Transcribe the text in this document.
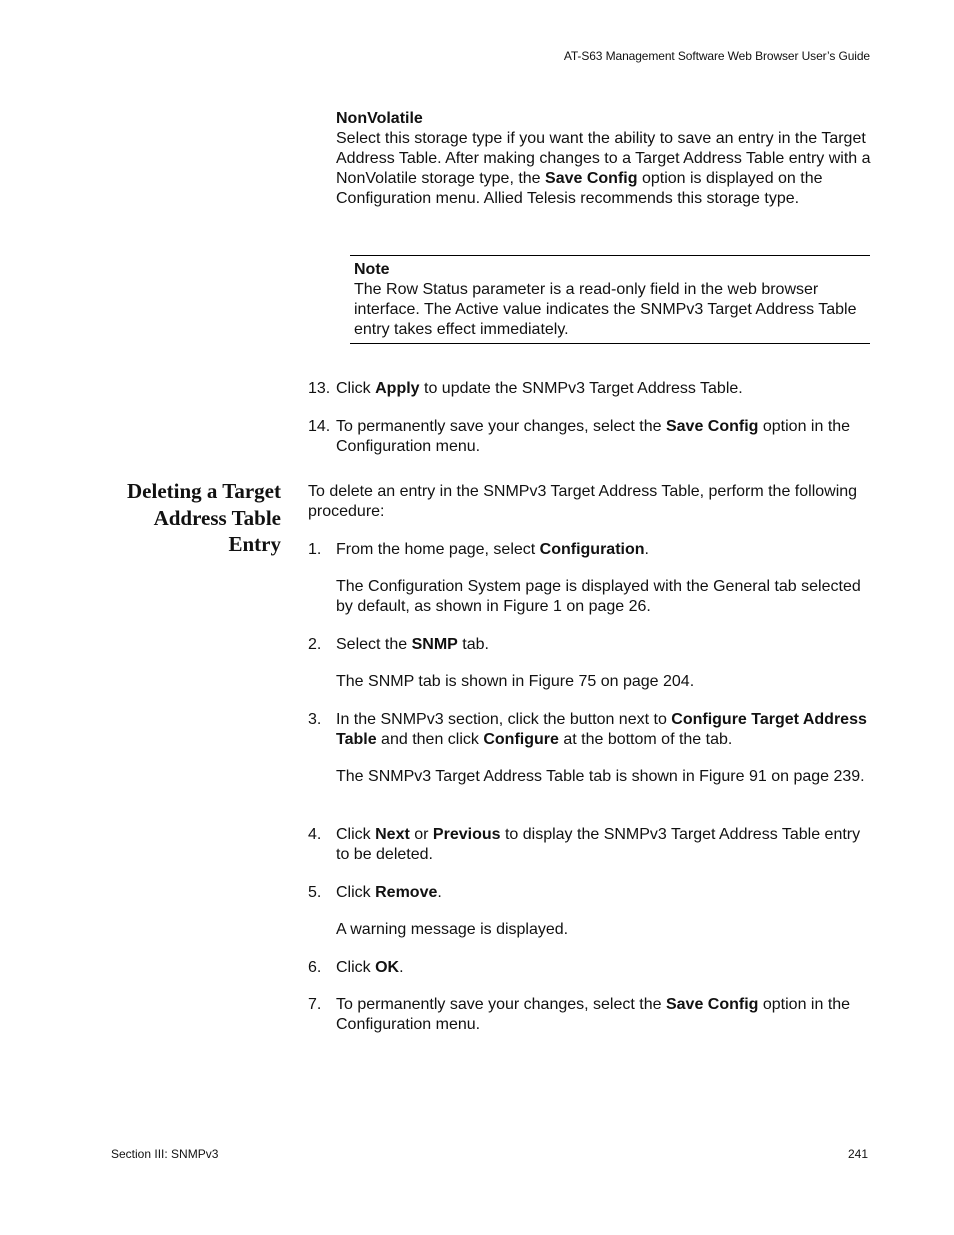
AT-S63 Management Software Web Browser User’s Guide
NonVolatile
Select this storage type if you want the ability to save an entry in the Target Address Table. After making changes to a Target Address Table entry with a NonVolatile storage type, the Save Config option is displayed on the Configuration menu. Allied Telesis recommends this storage type.
Note
The Row Status parameter is a read-only field in the web browser interface. The Active value indicates the SNMPv3 Target Address Table entry takes effect immediately.
13. Click Apply to update the SNMPv3 Target Address Table.
14. To permanently save your changes, select the Save Config option in the Configuration menu.
Deleting a Target
Address Table
Entry
To delete an entry in the SNMPv3 Target Address Table, perform the following procedure:
1. From the home page, select Configuration.
The Configuration System page is displayed with the General tab selected by default, as shown in Figure 1 on page 26.
2. Select the SNMP tab.
The SNMP tab is shown in Figure 75 on page 204.
3. In the SNMPv3 section, click the button next to Configure Target Address Table and then click Configure at the bottom of the tab.
The SNMPv3 Target Address Table tab is shown in Figure 91 on page 239.
4. Click Next or Previous to display the SNMPv3 Target Address Table entry to be deleted.
5. Click Remove.
A warning message is displayed.
6. Click OK.
7. To permanently save your changes, select the Save Config option in the Configuration menu.
Section III: SNMPv3	241
